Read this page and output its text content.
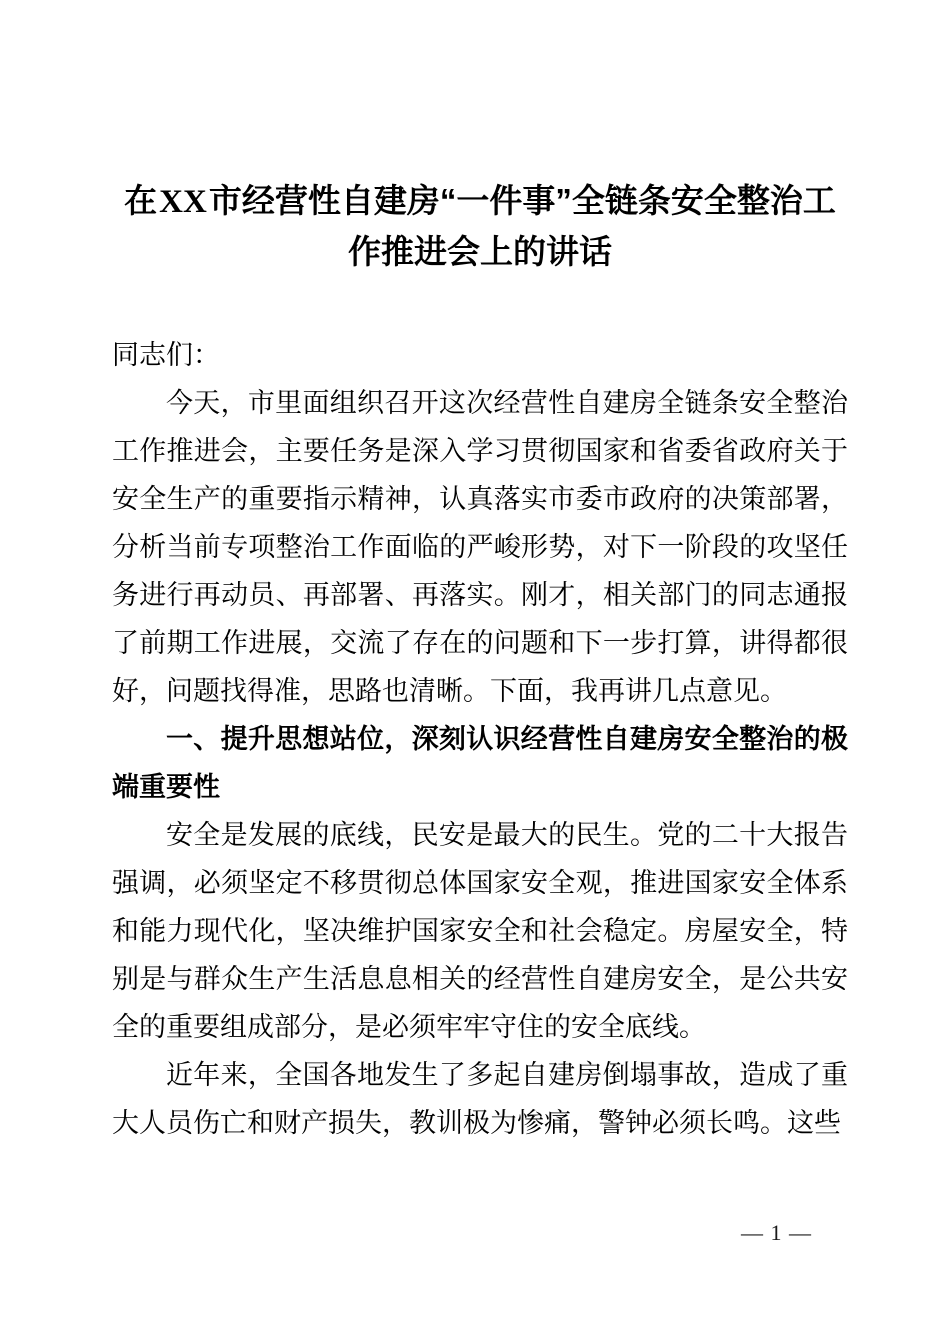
在XX市经营性自建房“一件事”全链条安全整治工作推进会上的讲话

同志们：

今天，市里面组织召开这次经营性自建房全链条安全整治工作推进会，主要任务是深入学习贯彻国家和省委省政府关于安全生产的重要指示精神，认真落实市委市政府的决策部署，分析当前专项整治工作面临的严峻形势，对下一阶段的攻坚任务进行再动员、再部署、再落实。刚才，相关部门的同志通报了前期工作进展，交流了存在的问题和下一步打算，讲得都很好，问题找得准，思路也清晰。下面，我再讲几点意见。

一、提升思想站位，深刻认识经营性自建房安全整治的极端重要性

安全是发展的底线，民安是最大的民生。党的二十大报告强调，必须坚定不移贯彻总体国家安全观，推进国家安全体系和能力现代化，坚决维护国家安全和社会稳定。房屋安全，特别是与群众生产生活息息相关的经营性自建房安全，是公共安全的重要组成部分，是必须牢牢守住的安全底线。

近年来，全国各地发生了多起自建房倒塌事故，造成了重大人员伤亡和财产损失，教训极为惨痛，警钟必须长鸣。这些

— 1 —
